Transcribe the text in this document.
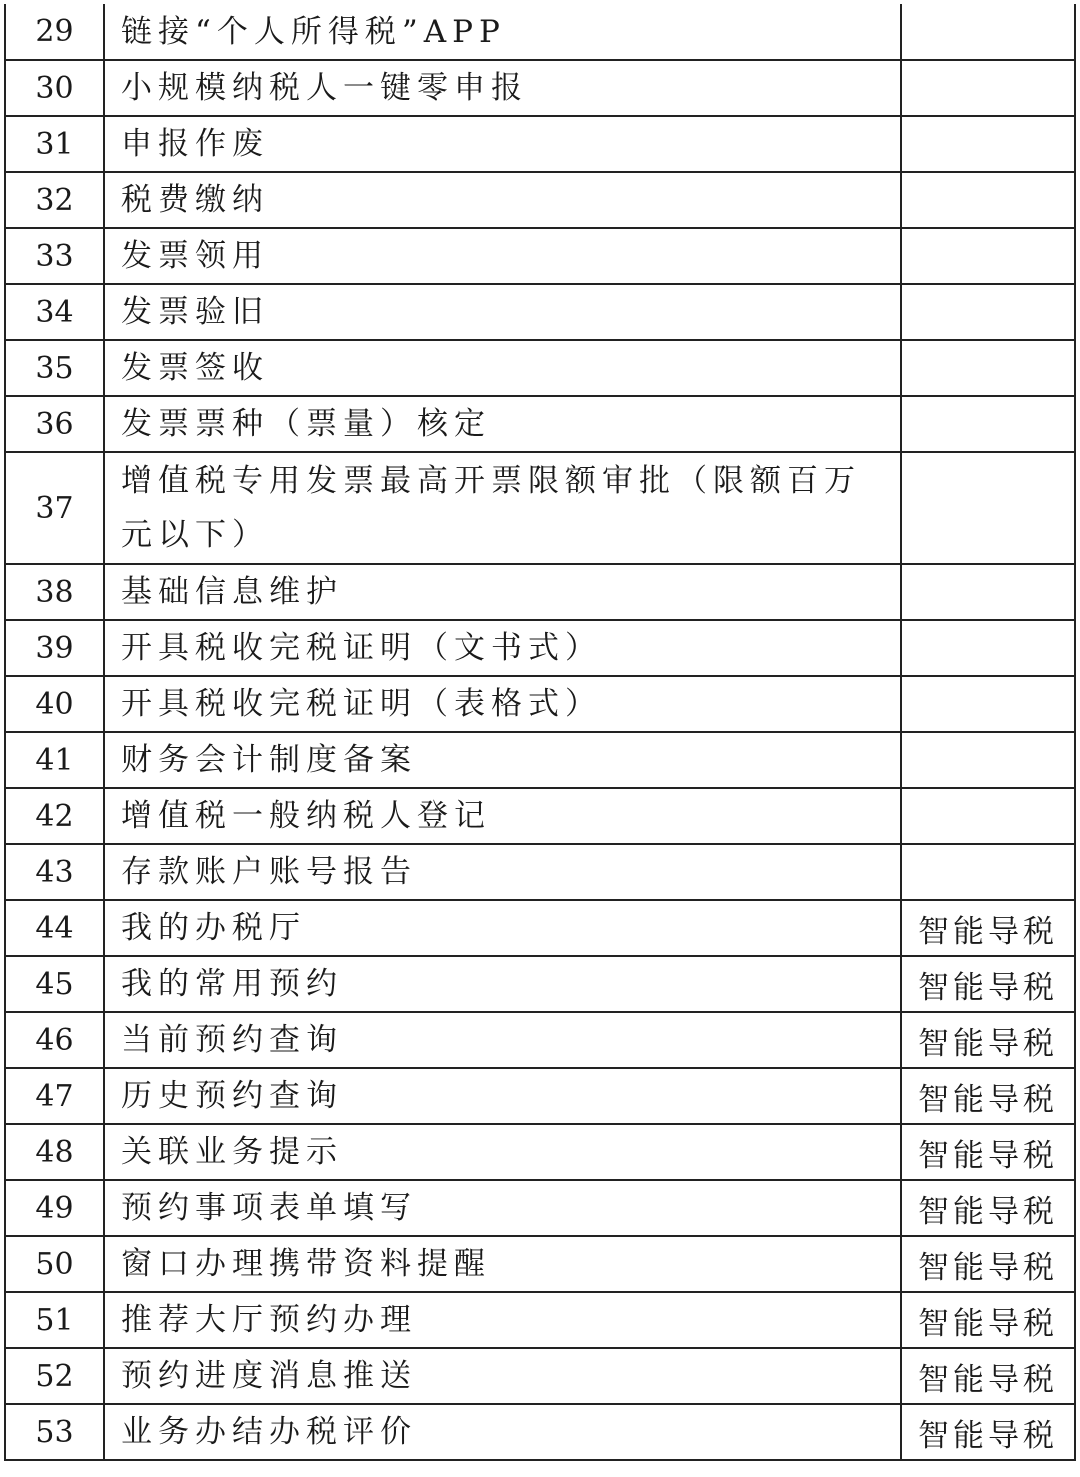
29	链接“个人所得税”APP	
30	小规模纳税人一键零申报	
31	申报作废	
32	税费缴纳	
33	发票领用	
34	发票验旧	
35	发票签收	
36	发票票种（票量）核定	
37	增值税专用发票最高开票限额审批（限额百万元以下）	
38	基础信息维护	
39	开具税收完税证明（文书式）	
40	开具税收完税证明（表格式）	
41	财务会计制度备案	
42	增值税一般纳税人登记	
43	存款账户账号报告	
44	我的办税厅	智能导税
45	我的常用预约	智能导税
46	当前预约查询	智能导税
47	历史预约查询	智能导税
48	关联业务提示	智能导税
49	预约事项表单填写	智能导税
50	窗口办理携带资料提醒	智能导税
51	推荐大厅预约办理	智能导税
52	预约进度消息推送	智能导税
53	业务办结办税评价	智能导税
